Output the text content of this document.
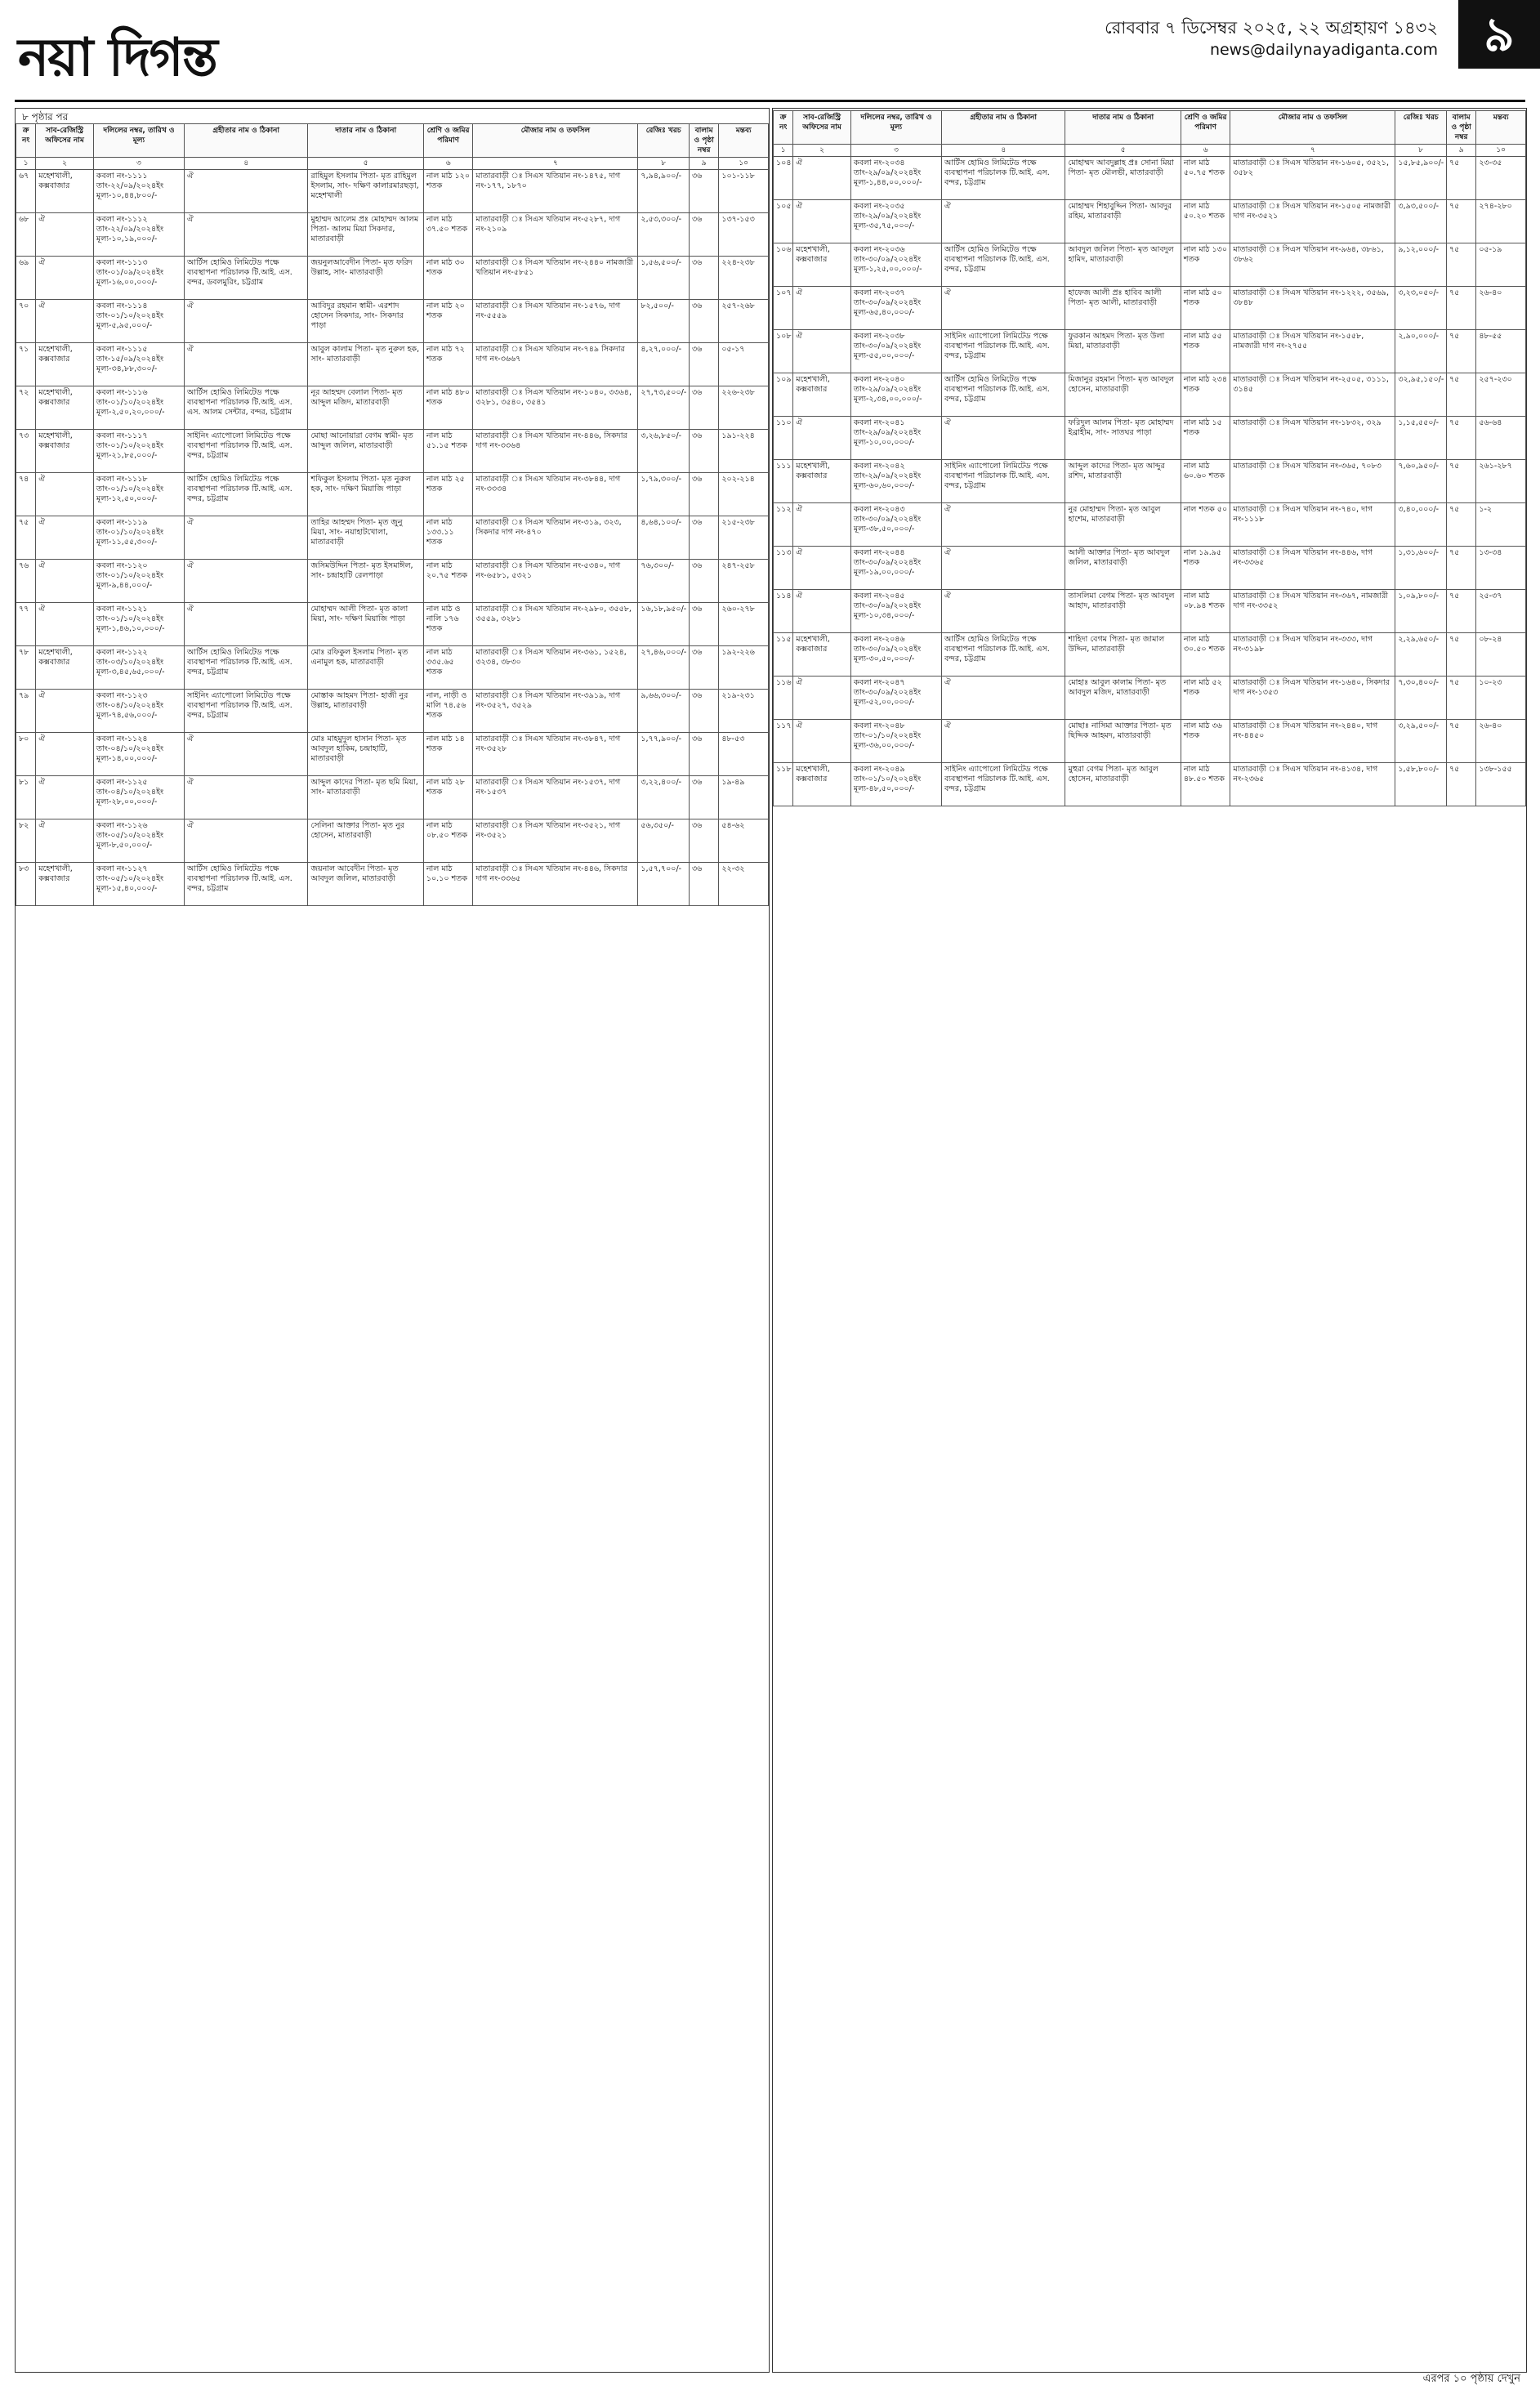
নয়া দিগন্ত	রোববার ৭ ডিসেম্বর ২০২৫, ২২ অগ্রহায়ণ ১৪৩২
news@dailynayadiganta.com ৯
৮ পৃষ্ঠার পর
ক্র নং	সাব-রেজিস্ট্রি অফিসের নাম	দলিলের নম্বর, তারিখ ও মূল্য	গ্রহীতার নাম ও ঠিকানা	দাতার নাম ও ঠিকানা	শ্রেণি ও জমির পরিমাণ	মৌজার নাম ও তফসিল	রেজিঃ খরচ	বালাম ও পৃষ্ঠা নম্বর	মন্তব্য
১	২	৩	৪	৫	৬	৭	৮	৯	১০
৬৭	মহেশখালী, কক্সবাজার	কবলা নং-১১১১ তাং-২২/০৯/২০২৪ইং মূল্য-১০,৪৪,৮০০/-	ঐ	রাহিমুল ইসলাম পিতা- মৃত রাহিমুল ইসলাম, সাং- দক্ষিণ কালারমারছড়া, মহেশখালী	নাল মাঠ ১২০ শতক	মাতারবাড়ী ঃ সিএস খতিয়ান নং-১৪৭৫, দাগ নং-১৭৭, ১৮৭০	৭,৯৪,৯০০/-	৩৬	১০১-১১৮
৬৮	ঐ	কবলা নং-১১১২ তাং-২২/০৯/২০২৪ইং মূল্য-১০,১৯,০০০/-	ঐ	মুহাম্মদ আলেম প্রঃ মোহাম্মদ আলম পিতা- আলম মিয়া সিকদার, মাতারবাড়ী	নাল মাঠ ৩৭.৫০ শতক	মাতারবাড়ী ঃ সিএস খতিয়ান নং-৫২৮৭, দাগ নং-২১০৯	২,৫৩,৩০০/-	৩৬	১৩৭-১৫৩
৬৯	ঐ	কবলা নং-১১১৩ তাং-০১/০৯/২০২৪ইং মূল্য-১৬,০০,০০০/-	আর্টিস হোমিও লিমিটেড পক্ষে ব্যবস্থাপনা পরিচালক টি.আই. এস. বন্দর, ডবলমুরিং, চট্টগ্রাম	জয়নুলআবেদীন পিতা- মৃত ফরিদ উল্লাহ, সাং- মাতারবাড়ী	নাল মাঠ ৩০ শতক	মাতারবাড়ী ঃ সিএস খতিয়ান নং-২৪৪০ নামজারী খতিয়ান নং-৫৮৫১	১,৫৬,৫০০/-	৩৬	২২৪-২৩৮
৭০	ঐ	কবলা নং-১১১৪ তাং-০১/১০/২০২৪ইং মূল্য-৫,৯৫,০০০/-	ঐ	আবিদুর রহমান স্বামী- এরশাদ হোসেন সিকদার, সাং- সিকদার পাড়া	নাল মাঠ ২০ শতক	মাতারবাড়ী ঃ সিএস খতিয়ান নং-১৫৭৬, দাগ নং-৫৫৫৯	৮২,৫০০/-	৩৬	২৫৭-২৬৮
৭১	মহেশখালী, কক্সবাজার	কবলা নং-১১১৫ তাং-১৫/০৯/২০২৪ইং মূল্য-৩৪,৮৮,৩০০/-	ঐ	আবুল কালাম পিতা- মৃত নুরুল হক, সাং- মাতারবাড়ী	নাল মাঠ ৭২ শতক	মাতারবাড়ী ঃ সিএস খতিয়ান নং-৭৪৯ সিকদার দাগ নং-৩৬৬৭	৪,২৭,০০০/-	৩৬	০৫-১৭
৭২	মহেশখালী, কক্সবাজার	কবলা নং-১১১৬ তাং-০১/১০/২০২৪ইং মূল্য-২,৫০,২০,০০০/-	আর্টিস হোমিও লিমিটেড পক্ষে ব্যবস্থাপনা পরিচালক টি.আই. এস. এস. আলম সেন্টার, বন্দর, চট্টগ্রাম	নূর আহম্মদ বেলাল পিতা- মৃত আব্দুল মজিদ, মাতারবাড়ী	নাল মাঠ ৪৮০ শতক	মাতারবাড়ী ঃ সিএস খতিয়ান নং-১০৪০, ৩৩৬৪, ৩২৮১, ৩৫৪০, ৩৫৪১	২৭,৭৩,৫০০/-	৩৬	২২৬-২৩৮
৭৩	মহেশখালী, কক্সবাজার	কবলা নং-১১১৭ তাং-০১/১০/২০২৪ইং মূল্য-২১,৮৫,০০০/-	সাইনিং এ্যাপোলো লিমিটেড পক্ষে ব্যবস্থাপনা পরিচালক টি.আই. এস. বন্দর, চট্টগ্রাম	মোছা আনোয়ারা বেগম স্বামী- মৃত আব্দুল জলিল, মাতারবাড়ী	নাল মাঠ ৫১.১৫ শতক	মাতারবাড়ী ঃ সিএস খতিয়ান নং-৪৪৬, সিকদার দাগ নং-৩৩৬৪	৩,২৬,৮৫০/-	৩৬	১৯১-২২৪
৭৪	ঐ	কবলা নং-১১১৮ তাং-০১/১০/২০২৪ইং মূল্য-১২,৫০,০০০/-	আর্টিস হোমিও লিমিটেড পক্ষে ব্যবস্থাপনা পরিচালক টি.আই. এস. বন্দর, চট্টগ্রাম	শফিকুল ইসলাম পিতা- মৃত নুরুল হক, সাং- দক্ষিণ মিয়াজি পাড়া	নাল মাঠ ২৫ শতক	মাতারবাড়ী ঃ সিএস খতিয়ান নং-৩৮৪৪, দাগ নং-৩৩৩৪	১,৭৯,৩০০/-	৩৬	২০২-২১৪
৭৫	ঐ	কবলা নং-১১১৯ তাং-০১/১০/২০২৪ইং মূল্য-১১,৫৫,৩০০/-	ঐ	তাহির আহম্মদ পিতা- মৃত জুনু মিয়া, সাং- নয়াহাটখোলা, মাতারবাড়ী	নাল মাঠ ১৩৩.১১ শতক	মাতারবাড়ী ঃ সিএস খতিয়ান নং-৩১৯, ৩২৩, সিকদার দাগ নং-৪৭০	৪,৬৪,১০০/-	৩৬	২১৫-২৩৮
৭৬	ঐ	কবলা নং-১১২০ তাং-০১/১০/২০২৪ইং মূল্য-৯,৪৪,০০০/-	ঐ	জসিমউদ্দিন পিতা- মৃত ইসমাঈল, সাং- চন্দ্রাহাটি রেলপাড়া	নাল মাঠ ২০.৭৫ শতক	মাতারবাড়ী ঃ সিএস খতিয়ান নং-৫৩৪০, দাগ নং-৬৫৮১, ৫৩২১	৭৬,৩০০/-	৩৬	২৪৭-২৫৮
৭৭	ঐ	কবলা নং-১১২১ তাং-০১/১০/২০২৪ইং মূল্য-১,৪৬,১০,০০০/-	ঐ	মোহাম্মদ আলী পিতা- মৃত কালা মিয়া, সাং- দক্ষিণ মিয়াজি পাড়া	নাল মাঠ ও নালি ১৭৬ শতক	মাতারবাড়ী ঃ সিএস খতিয়ান নং-২৯৮০, ৩৫৫৮, ৩৫৫৯, ৩২৮১	১৬,১৮,৯৫০/-	৩৬	২৬০-২৭৮
৭৮	মহেশখালী, কক্সবাজার	কবলা নং-১১২২ তাং-০৩/১০/২০২৪ইং মূল্য-৩,৪৫,৬৫,০০০/-	আর্টিস হোমিও লিমিটেড পক্ষে ব্যবস্থাপনা পরিচালক টি.আই. এস. বন্দর, চট্টগ্রাম	মোঃ রফিকুল ইসলাম পিতা- মৃত এনামুল হক, মাতারবাড়ী	নাল মাঠ ৩৩৫.৬৫ শতক	মাতারবাড়ী ঃ সিএস খতিয়ান নং-৩৬১, ১৫২৪, ৩২৩৪, ৩৮৩০	২৭,৪৬,০০০/-	৩৬	১৯২-২২৬
৭৯	ঐ	কবলা নং-১১২৩ তাং-০৪/১০/২০২৪ইং মূল্য-৭৪,৫৬,০০০/-	সাইনিং এ্যাপোলো লিমিটেড পক্ষে ব্যবস্থাপনা পরিচালক টি.আই. এস. বন্দর, চট্টগ্রাম	মোস্তাক আহমদ পিতা- হাজী নুর উল্লাহ, মাতারবাড়ী	নাল, নাড়ী ও মালি ৭৪.৫৬ শতক	মাতারবাড়ী ঃ সিএস খতিয়ান নং-৩৯১৯, দাগ নং-৩৫২৭, ৩৫২৯	৯,৬৬,৩০০/-	৩৬	২১৯-২৩১
৮০	ঐ	কবলা নং-১১২৪ তাং-০৪/১০/২০২৪ইং মূল্য-১৪,০০,০০০/-	ঐ	মোঃ মাহমুদুল হাসান পিতা- মৃত আবদুল হাকিম, চন্দ্রাহাটি, মাতারবাড়ী	নাল মাঠ ১৪ শতক	মাতারবাড়ী ঃ সিএস খতিয়ান নং-৩৮৪৭, দাগ নং-৩৫২৮	১,৭৭,৯০০/-	৩৬	৪৮-৫৩
৮১	ঐ	কবলা নং-১১২৫ তাং-০৪/১০/২০২৪ইং মূল্য-২৮,০০,০০০/-	ঐ	আব্দুল কাদের পিতা- মৃত ছমি মিয়া, সাং- মাতারবাড়ী	নাল মাঠ ২৮ শতক	মাতারবাড়ী ঃ সিএস খতিয়ান নং-১৫৩৭, দাগ নং-১৫৩৭	৩,২২,৪০০/-	৩৬	১৯-৪৯
৮২	ঐ	কবলা নং-১১২৬ তাং-০৫/১০/২০২৪ইং মূল্য-৮,৫০,০০০/-	ঐ	সেলিনা আক্তার পিতা- মৃত নুর হোসেন, মাতারবাড়ী	নাল মাঠ ০৮.৫০ শতক	মাতারবাড়ী ঃ সিএস খতিয়ান নং-৩৫২১, দাগ নং-৩৫২১	৫৬,৩৫০/-	৩৬	৫৪-৬২
৮৩	মহেশখালী, কক্সবাজার	কবলা নং-১১২৭ তাং-০৫/১০/২০২৪ইং মূল্য-১৫,৪০,০০০/-	আর্টিস হোমিও লিমিটেড পক্ষে ব্যবস্থাপনা পরিচালক টি.আই. এস. বন্দর, চট্টগ্রাম	জয়নাল আবেদীন পিতা- মৃত আবদুল জলিল, মাতারবাড়ী	নাল মাঠ ১০.১০ শতক	মাতারবাড়ী ঃ সিএস খতিয়ান নং-৪৪৬, সিকদার দাগ নং-৩৩৬৫	১,৫৭,৭০০/-	৩৬	২২-৩২
ক্র নং	সাব-রেজিস্ট্রি অফিসের নাম	দলিলের নম্বর, তারিখ ও মূল্য	গ্রহীতার নাম ও ঠিকানা	দাতার নাম ও ঠিকানা	শ্রেণি ও জমির পরিমাণ	মৌজার নাম ও তফসিল	রেজিঃ খরচ	বালাম ও পৃষ্ঠা নম্বর	মন্তব্য
১	২	৩	৪	৫	৬	৭	৮	৯	১০
১০৪	ঐ	কবলা নং-২০৩৪ তাং-২৯/০৯/২০২৪ইং মূল্য-১,৪৪,০০,০০০/-	আর্টিস হোমিও লিমিটেড পক্ষে ব্যবস্থাপনা পরিচালক টি.আই. এস. বন্দর, চট্টগ্রাম	মোহাম্মদ আবদুল্লাহ প্রঃ সোনা মিয়া পিতা- মৃত মৌলভী, মাতারবাড়ী	নাল মাঠ ৫০.৭৫ শতক	মাতারবাড়ী ঃ সিএস খতিয়ান নং-১৬০৫, ৩৫২১, ৩৫৮২	১৫,৮৫,৯০০/-	৭৫	২৩-৩৫
১০৫	ঐ	কবলা নং-২০৩৫ তাং-২৯/০৯/২০২৪ইং মূল্য-৩৫,৭৫,০০০/-	ঐ	মোহাম্মদ শিহাবুদ্দিন পিতা- আবদুর রহিম, মাতারবাড়ী	নাল মাঠ ৫০.২০ শতক	মাতারবাড়ী ঃ সিএস খতিয়ান নং-১৫০৫ নামজারী দাগ নং-৩৫২১	৩,৯৩,৫০০/-	৭৫	২৭৪-২৮০
১০৬	মহেশখালী, কক্সবাজার	কবলা নং-২০৩৬ তাং-৩০/০৯/২০২৪ইং মূল্য-১,২৫,০০,০০০/-	আর্টিস হোমিও লিমিটেড পক্ষে ব্যবস্থাপনা পরিচালক টি.আই. এস. বন্দর, চট্টগ্রাম	আবদুল জলিল পিতা- মৃত আবদুল হামিদ, মাতারবাড়ী	নাল মাঠ ১৩০ শতক	মাতারবাড়ী ঃ সিএস খতিয়ান নং-৯৬৪, ৩৮৬১, ৩৮৬২	৯,১২,০০০/-	৭৫	০৫-১৯
১০৭	ঐ	কবলা নং-২০৩৭ তাং-৩০/০৯/২০২৪ইং মূল্য-৬৫,৪০,০০০/-	ঐ	হাফেজ আলী প্রঃ হাবিব আলী পিতা- মৃত আলী, মাতারবাড়ী	নাল মাঠ ৫০ শতক	মাতারবাড়ী ঃ সিএস খতিয়ান নং-১২২২, ৩৫৬৯, ৩৮৪৮	৩,২৩,০৫০/-	৭৫	২৬-৪০
১০৮	ঐ	কবলা নং-২০৩৮ তাং-৩০/০৯/২০২৪ইং মূল্য-৫৫,০০,০০০/-	সাইনিং এ্যাপোলো লিমিটেড পক্ষে ব্যবস্থাপনা পরিচালক টি.আই. এস. বন্দর, চট্টগ্রাম	ফুরকান আহমদ পিতা- মৃত উলা মিয়া, মাতারবাড়ী	নাল মাঠ ৫৫ শতক	মাতারবাড়ী ঃ সিএস খতিয়ান নং-১৫৫৮, নামজারী দাগ নং-২৭৫৫	২,৯০,০০০/-	৭৫	৪৮-৫৫
১০৯	মহেশখালী, কক্সবাজার	কবলা নং-২০৪০ তাং-২৯/০৯/২০২৪ইং মূল্য-২,৩৪,০০,০০০/-	আর্টিস হোমিও লিমিটেড পক্ষে ব্যবস্থাপনা পরিচালক টি.আই. এস. বন্দর, চট্টগ্রাম	মিজানুর রহমান পিতা- মৃত আবদুল হোসেন, মাতারবাড়ী	নাল মাঠ ২৩৪ শতক	মাতারবাড়ী ঃ সিএস খতিয়ান নং-২৫০৫, ৩১১১, ৩১৪৫	৩২,৯৫,১৫০/-	৭৫	২৫৭-২৩০
১১০	ঐ	কবলা নং-২০৪১ তাং-২৯/০৯/২০২৪ইং মূল্য-১০,০০,০০০/-	ঐ	ফরিদুল আলম পিতা- মৃত মোহাম্মদ ইব্রাহীম, সাং- সাতঘর পাড়া	নাল মাঠ ১৫ শতক	মাতারবাড়ী ঃ সিএস খতিয়ান নং-১৮৩২, ৩২৯	১,১৫,৫৫০/-	৭৫	৫৬-৬৪
১১১	মহেশখালী, কক্সবাজার	কবলা নং-২০৪২ তাং-২৯/০৯/২০২৪ইং মূল্য-৬০,৬০,০০০/-	সাইনিং এ্যাপোলো লিমিটেড পক্ষে ব্যবস্থাপনা পরিচালক টি.আই. এস. বন্দর, চট্টগ্রাম	আব্দুল কাদের পিতা- মৃত আব্দুর রশিদ, মাতারবাড়ী	নাল মাঠ ৬০.৬০ শতক	মাতারবাড়ী ঃ সিএস খতিয়ান নং-৩৬৫, ৭০৮৩	৭,৬০,৯৫০/-	৭৫	২৬১-২৮৭
১১২	ঐ	কবলা নং-২০৪৩ তাং-৩০/০৯/২০২৪ইং মূল্য-৩৮,৫০,০০০/-	ঐ	নুর মোহাম্মদ পিতা- মৃত আবুল হাশেম, মাতারবাড়ী	নাল শতক ৫০	মাতারবাড়ী ঃ সিএস খতিয়ান নং-৭৪০, দাগ নং-১১১৮	৩,৪০,০০০/-	৭৫	১-২
১১৩	ঐ	কবলা নং-২০৪৪ তাং-৩০/০৯/২০২৪ইং মূল্য-১৯,০০,০০০/-	ঐ	আলী আক্তার পিতা- মৃত আবদুল জলিল, মাতারবাড়ী	নাল ১৯.৯৫ শতক	মাতারবাড়ী ঃ সিএস খতিয়ান নং-৪৪৬, দাগ নং-৩৩৬৫	১,৩১,৬০০/-	৭৫	১৩-৩৪
১১৪	ঐ	কবলা নং-২০৪৫ তাং-৩০/০৯/২০২৪ইং মূল্য-১০,৩৪,০০০/-	ঐ	তাসলিমা বেগম পিতা- মৃত আবদুল আহাদ, মাতারবাড়ী	নাল মাঠ ০৮.৯৪ শতক	মাতারবাড়ী ঃ সিএস খতিয়ান নং-৩৬৭, নামজারী দাগ নং-৩৩৫২	১,০৯,৮০০/-	৭৫	২৫-৩৭
১১৫	মহেশখালী, কক্সবাজার	কবলা নং-২০৪৬ তাং-৩০/০৯/২০২৪ইং মূল্য-৩০,৫০,০০০/-	আর্টিস হোমিও লিমিটেড পক্ষে ব্যবস্থাপনা পরিচালক টি.আই. এস. বন্দর, চট্টগ্রাম	শাহিদা বেগম পিতা- মৃত জামাল উদ্দিন, মাতারবাড়ী	নাল মাঠ ৩০.৫০ শতক	মাতারবাড়ী ঃ সিএস খতিয়ান নং-৩৩৩, দাগ নং-৩১৯৮	২,২৯,৬৫০/-	৭৫	০৮-২৪
১১৬	ঐ	কবলা নং-২০৪৭ তাং-৩০/০৯/২০২৪ইং মূল্য-৫২,০০,০০০/-	ঐ	মোহাঃ আবুল কালাম পিতা- মৃত আবদুল মজিদ, মাতারবাড়ী	নাল মাঠ ৫২ শতক	মাতারবাড়ী ঃ সিএস খতিয়ান নং-১৬৪০, সিকদার দাগ নং-১৩৫৩	৭,৩০,৪০০/-	৭৫	১০-২৩
১১৭	ঐ	কবলা নং-২০৪৮ তাং-০১/১০/২০২৪ইং মূল্য-৩৬,০০,০০০/-	ঐ	মোছাঃ নাসিমা আক্তার পিতা- মৃত ছিদ্দিক আহমদ, মাতারবাড়ী	নাল মাঠ ৩৬ শতক	মাতারবাড়ী ঃ সিএস খতিয়ান নং-২৪৪০, দাগ নং-৪৪৫০	৩,২৯,৫০০/-	৭৫	২৬-৪০
১১৮	মহেশখালী, কক্সবাজার	কবলা নং-২০৪৯ তাং-০১/১০/২০২৪ইং মূল্য-৪৮,৫০,০০০/-	সাইনিং এ্যাপোলো লিমিটেড পক্ষে ব্যবস্থাপনা পরিচালক টি.আই. এস. বন্দর, চট্টগ্রাম	মুহুরা বেগম পিতা- মৃত আবুল হোসেন, মাতারবাড়ী	নাল মাঠ ৪৮.৫০ শতক	মাতারবাড়ী ঃ সিএস খতিয়ান নং-৪১৩৪, দাগ নং-২৩৬৫	১,৫৮,৮০০/-	৭৫	১৩৮-১৫৫
এরপর ১০ পৃষ্ঠায় দেখুন
